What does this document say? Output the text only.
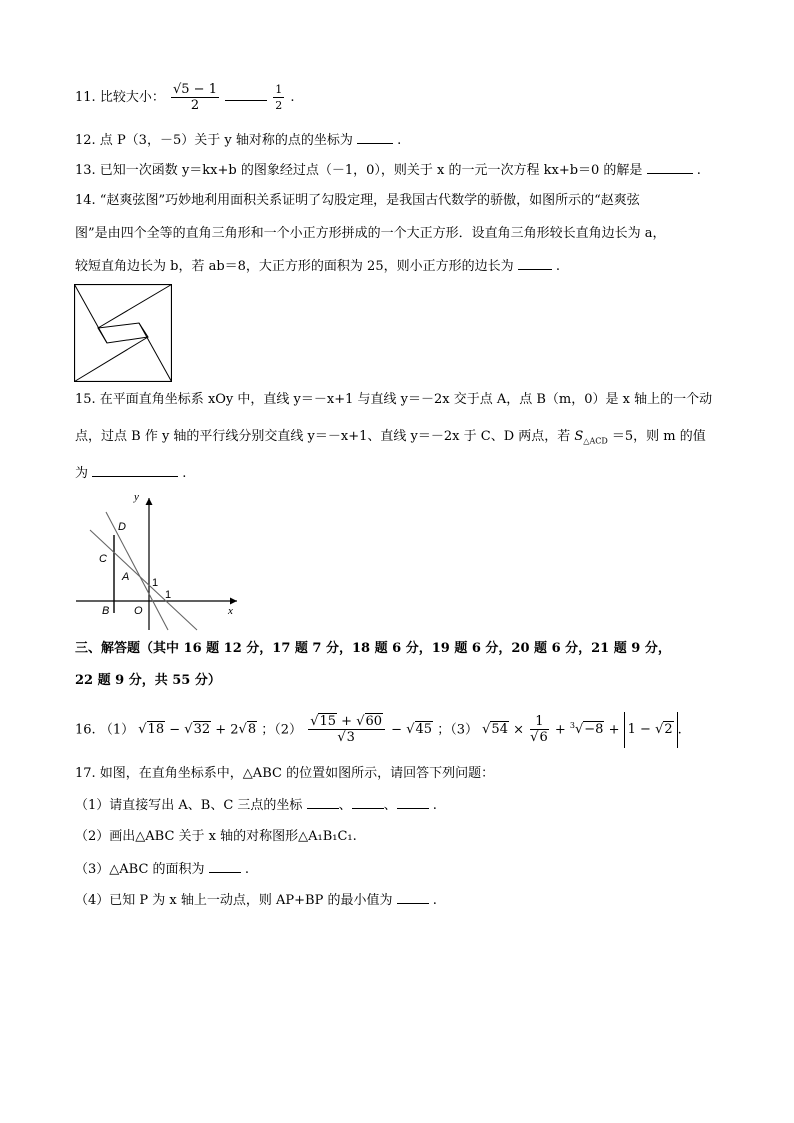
11. 比较大小： $\frac{√5 - 1}{2}$
	$\frac{1}{2}$ .
12. 点 P（3，－5）关于 y 轴对称的点的坐标为	.
13. 已知一次函数 y＝kx+b 的图象经过点（－1，0），则关于 x 的一元一次方程 kx+b＝0 的解是	.
14. “赵爽弦图”巧妙地利用面积关系证明了勾股定理，是我国古代数学的骄傲，如图所示的“赵爽弦
图”是由四个全等的直角三角形和一个小正方形拼成的一个大正方形．设直角三角形较长直角边长为 a，
较短直角边长为 b，若 ab＝8，大正方形的面积为 25，则小正方形的边长为	.
15. 在平面直角坐标系 xOy 中，直线 y＝－x+1 与直线 y＝－2x 交于点 A，点 B（m，0）是 x 轴上的一个动
点，过点 B 作 y 轴的平行线分别交直线 y＝－x+1、直线 y＝－2x 于 C、D 两点，若 $S_{\triangle ACD} =5$，则 m 的值
为	.
y
x
D
C
A
B O
1
1
三、解答题（其中 16 题 12 分，17 题 7 分，18 题 6 分，19 题 6 分，20 题 6 分，21 题 9 分，
22 题 9 分，共 55 分）
16. （1） √18 − √32 + 2√8 ；$(2) \frac{√15 + √60}{√3} - √45$ ；（3） $√54 \times \frac{1}{√6} + ^3√-8 + 1 - √2$ .
17. 如图，在直角坐标系中，△ABC 的位置如图所示，请回答下列问题：
（1）请直接写出 A、B、C 三点的坐标	、 、	.
（2）画出△ABC 关于 x 轴的对称图形△A₁B₁C₁.
（3）△ABC 的面积为	.
（4）已知 P 为 x 轴上一动点，则 AP+BP 的最小值为	.
